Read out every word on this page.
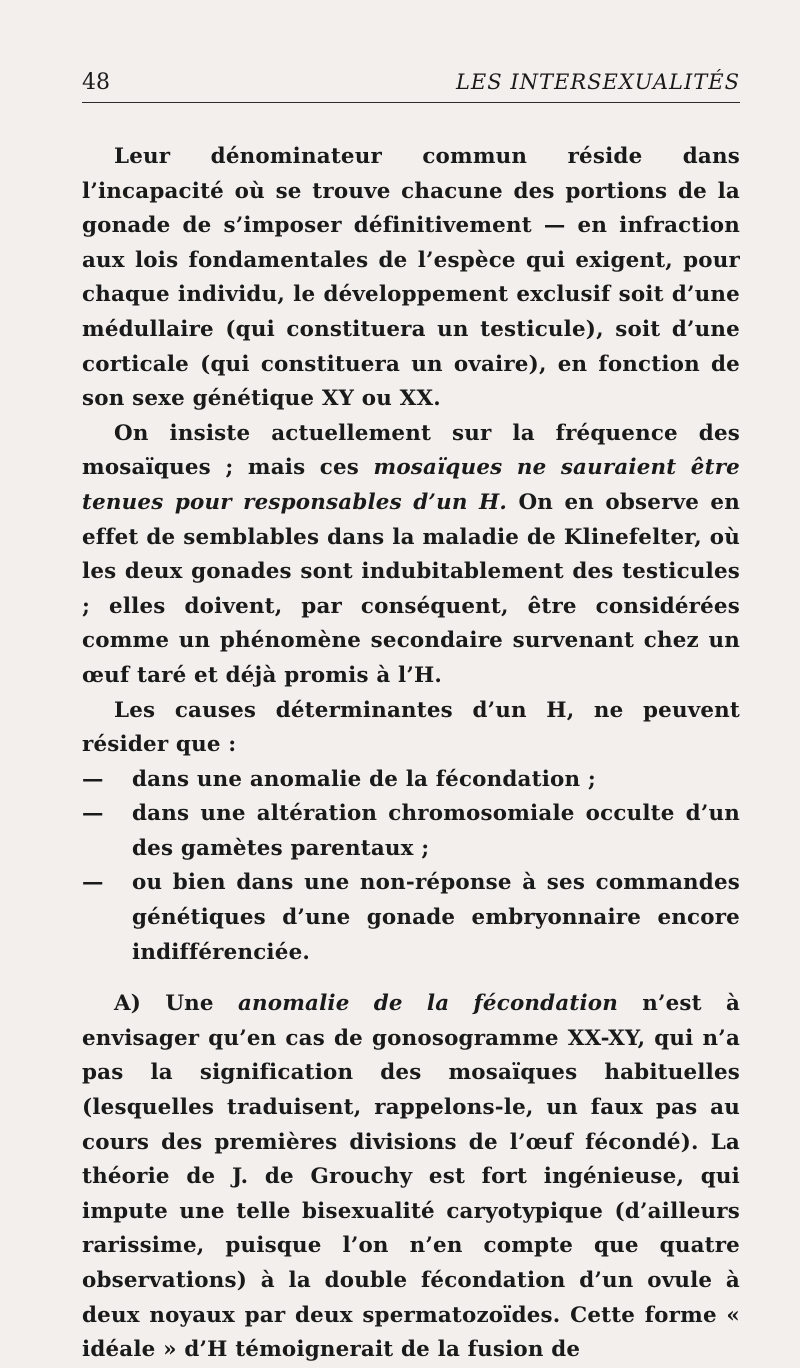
48	LES INTERSEXUALITÉS

Leur dénominateur commun réside dans l’incapacité où se trouve chacune des portions de la gonade de s’imposer définitivement — en infraction aux lois fondamentales de l’espèce qui exigent, pour chaque individu, le développement exclusif soit d’une médullaire (qui constituera un testicule), soit d’une corticale (qui constituera un ovaire), en fonction de son sexe génétique XY ou XX.

On insiste actuellement sur la fréquence des mosaïques ; mais ces mosaïques ne sauraient être tenues pour responsables d’un H. On en observe en effet de semblables dans la maladie de Klinefelter, où les deux gonades sont indubitablement des testicules ; elles doivent, par conséquent, être considérées comme un phénomène secondaire survenant chez un œuf taré et déjà promis à l’H.

Les causes déterminantes d’un H, ne peuvent résider que :

— dans une anomalie de la fécondation ;

— dans une altération chromosomiale occulte d’un des gamètes parentaux ;

— ou bien dans une non-réponse à ses commandes génétiques d’une gonade embryonnaire encore indifférenciée.

A) Une anomalie de la fécondation n’est à envisager qu’en cas de gonosogramme XX-XY, qui n’a pas la signification des mosaïques habituelles (lesquelles traduisent, rappelons-le, un faux pas au cours des premières divisions de l’œuf fécondé). La théorie de J. de Grouchy est fort ingénieuse, qui impute une telle bisexualité caryotypique (d’ailleurs rarissime, puisque l’on n’en compte que quatre observations) à la double fécondation d’un ovule à deux noyaux par deux spermatozoïdes. Cette forme « idéale » d’H témoignerait de la fusion de
